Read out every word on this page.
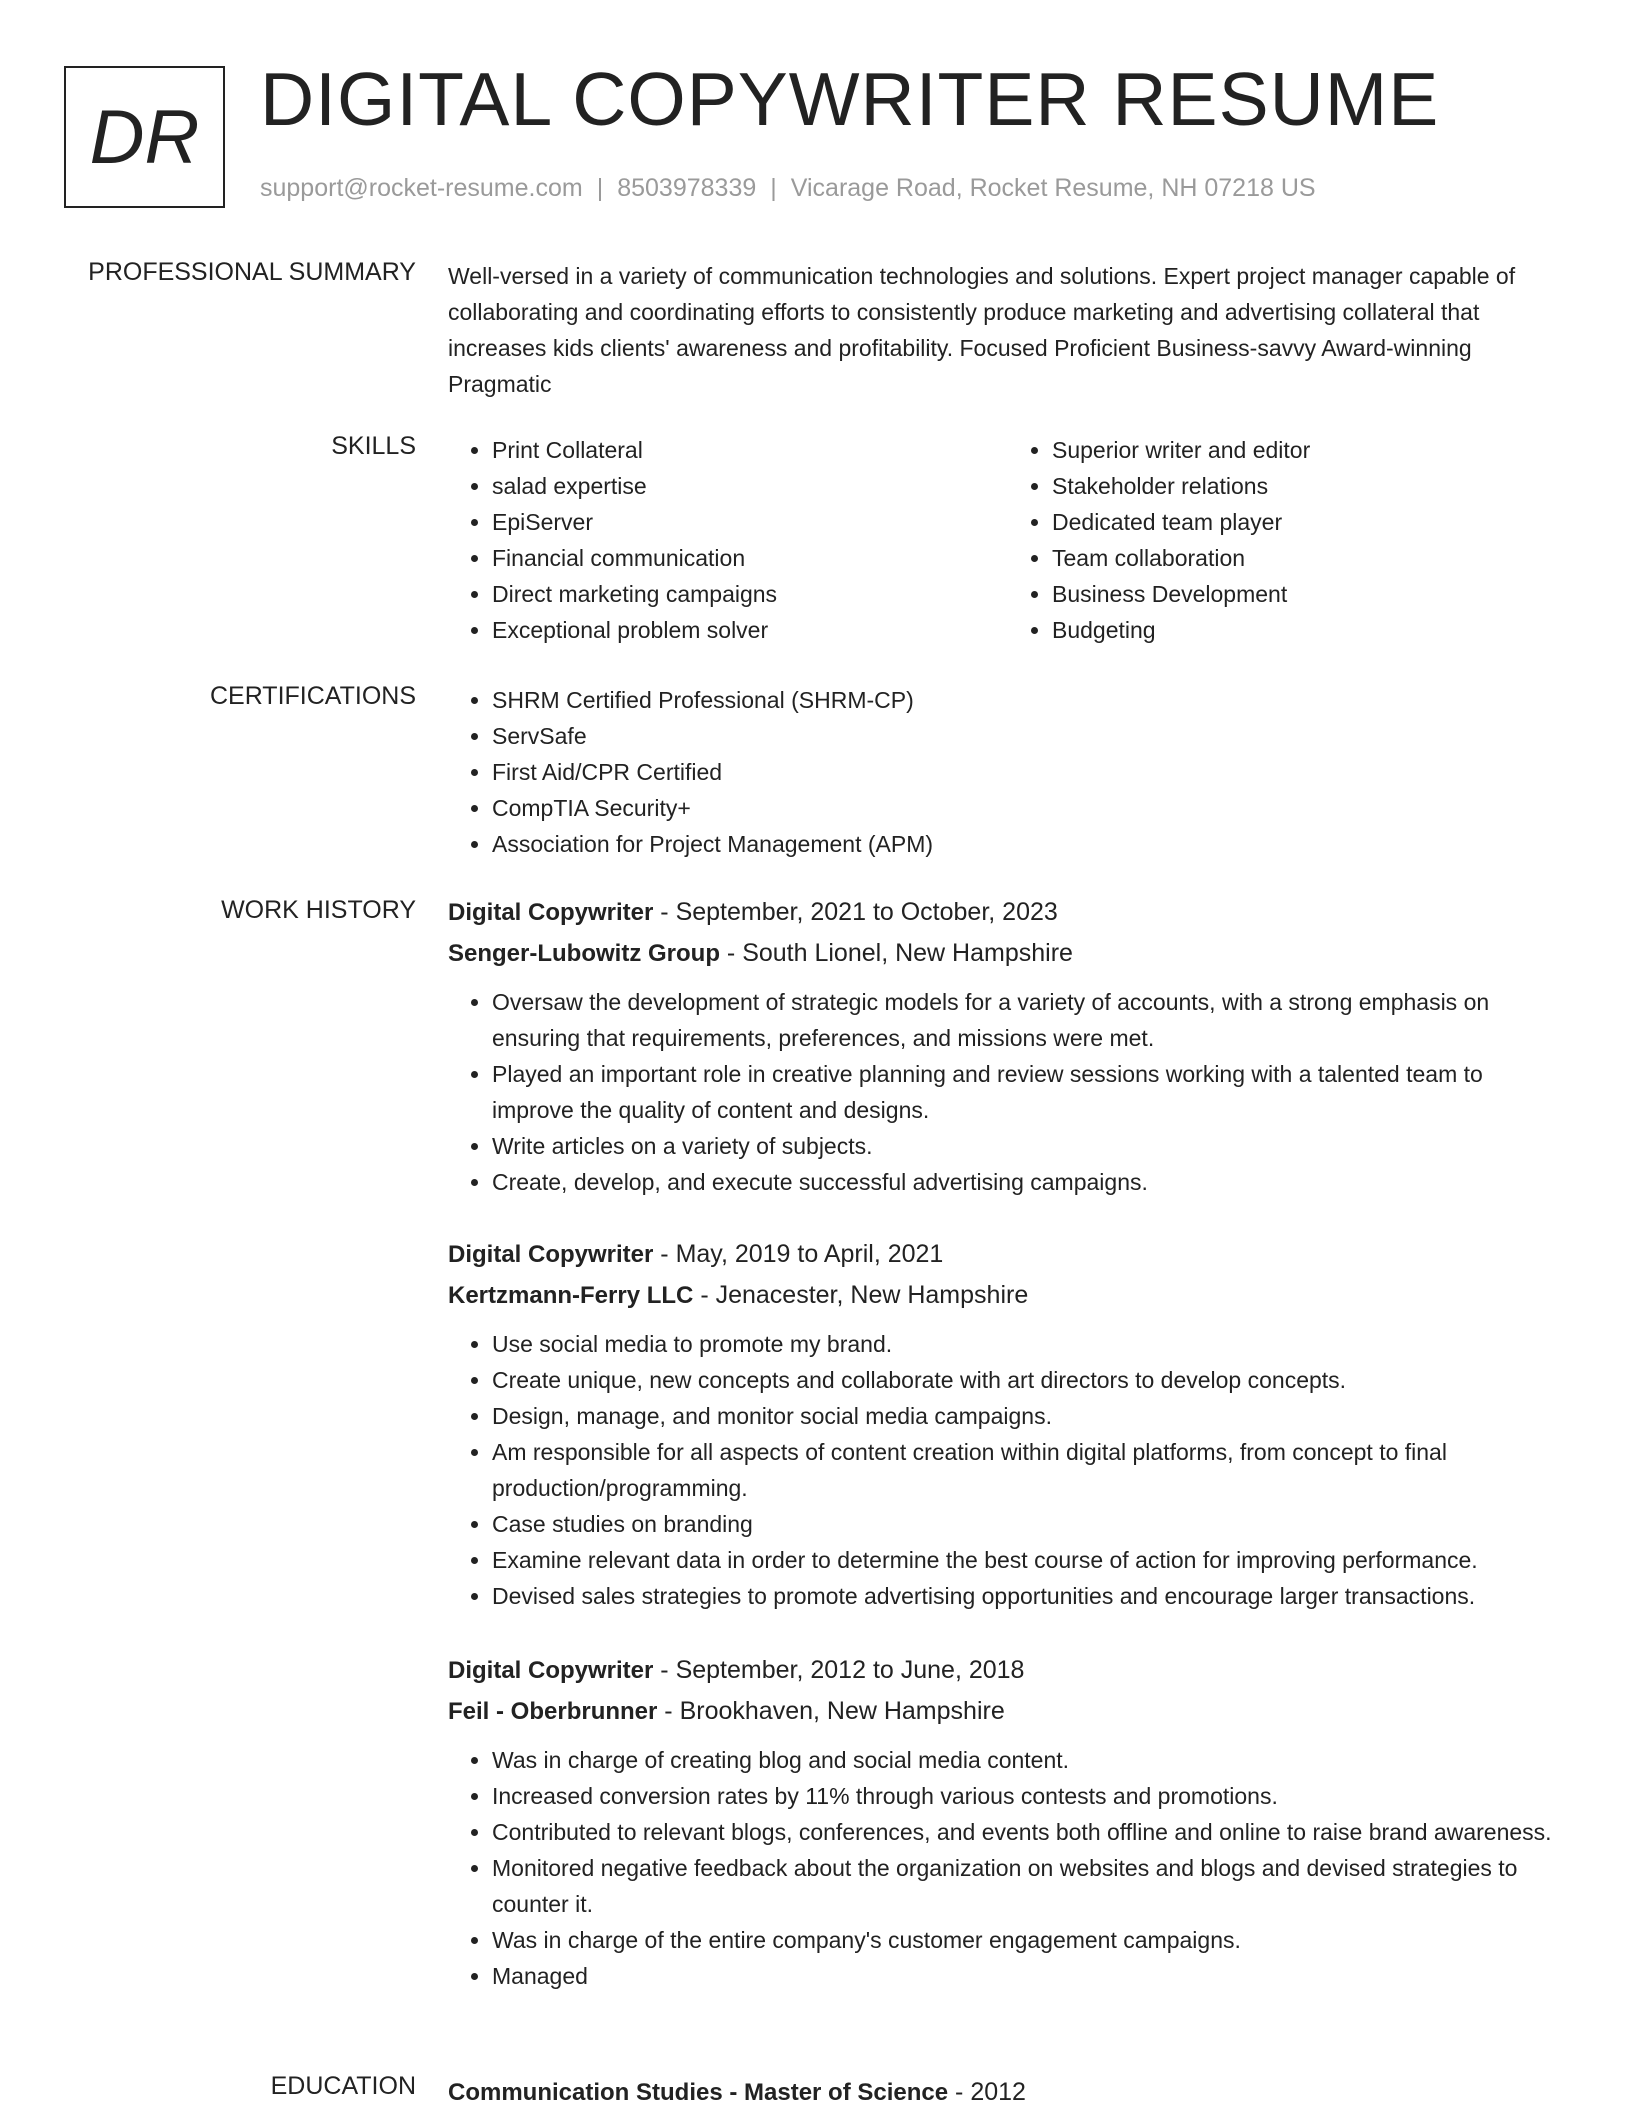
DR DIGITAL COPYWRITER RESUME
support@rocket-resume.com | 8503978339 | Vicarage Road, Rocket Resume, NH 07218 US
PROFESSIONAL SUMMARY Well-versed in a variety of communication technologies and solutions. Expert project manager capable of collaborating and coordinating efforts to consistently produce marketing and advertising collateral that increases kids clients' awareness and profitability. Focused Proficient Business-savvy Award-winning Pragmatic

SKILLS	• Print Collateral
• salad expertise
• EpiServer
• Financial communication
• Direct marketing campaigns
• Exceptional problem solver
• Superior writer and editor
• Stakeholder relations
• Dedicated team player
• Team collaboration
• Business Development
• Budgeting
CERTIFICATIONS	• SHRM Certified Professional (SHRM-CP)
• ServSafe
• First Aid/CPR Certified
• CompTIA Security+
• Association for Project Management (APM)
WORK HISTORY Digital Copywriter - September, 2021 to October, 2023
Senger-Lubowitz Group - South Lionel, New Hampshire
• Oversaw the development of strategic models for a variety of accounts, with a strong emphasis on ensuring that requirements, preferences, and missions were met.
• Played an important role in creative planning and review sessions working with a talented team to improve the quality of content and designs.
• Write articles on a variety of subjects.
• Create, develop, and execute successful advertising campaigns.
Digital Copywriter - May, 2019 to April, 2021
Kertzmann-Ferry LLC - Jenacester, New Hampshire
• Use social media to promote my brand.
• Create unique, new concepts and collaborate with art directors to develop concepts.
• Design, manage, and monitor social media campaigns.
• Am responsible for all aspects of content creation within digital platforms, from concept to final production/programming.
• Case studies on branding
• Examine relevant data in order to determine the best course of action for improving performance.
• Devised sales strategies to promote advertising opportunities and encourage larger transactions.
Digital Copywriter - September, 2012 to June, 2018
Feil - Oberbrunner - Brookhaven, New Hampshire
• Was in charge of creating blog and social media content.
• Increased conversion rates by 11% through various contests and promotions.
• Contributed to relevant blogs, conferences, and events both offline and online to raise brand awareness.
• Monitored negative feedback about the organization on websites and blogs and devised strategies to counter it.
• Was in charge of the entire company's customer engagement campaigns.
• Managed
EDUCATION Communication Studies - Master of Science - 2012
